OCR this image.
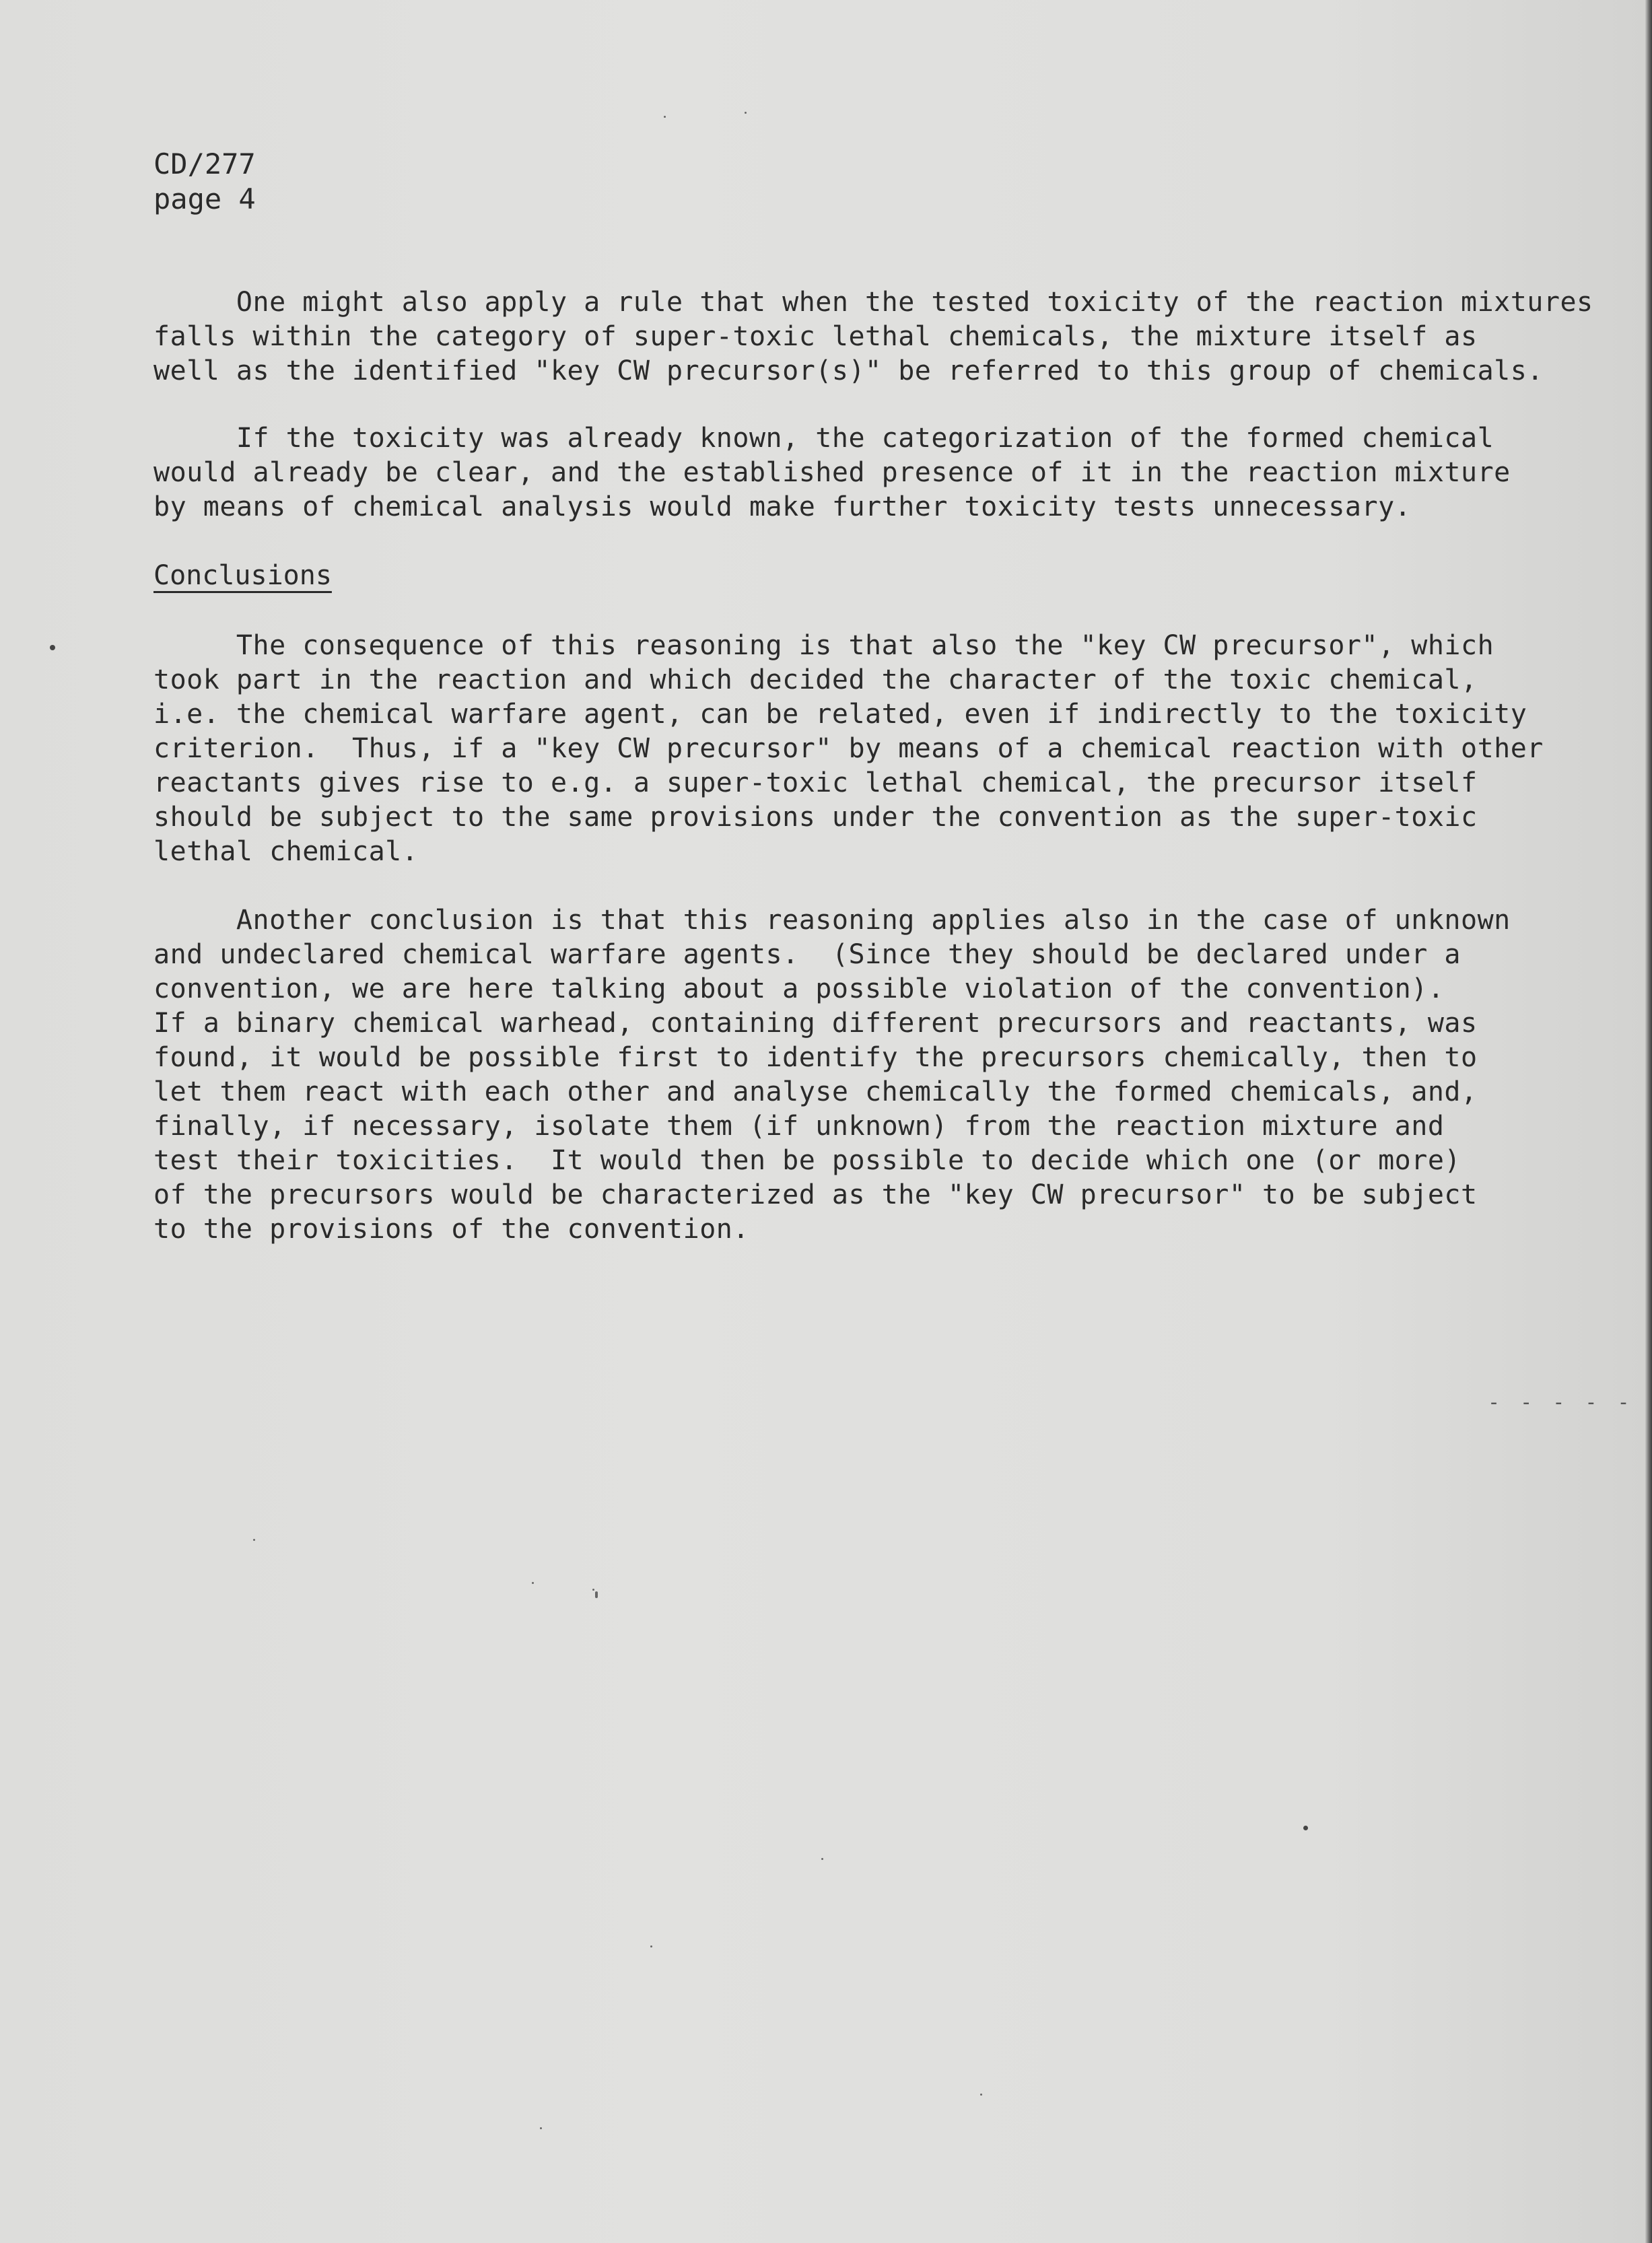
CD/277
page 4
One might also apply a rule that when the tested toxicity of the reaction mixtures
falls within the category of super-toxic lethal chemicals, the mixture itself as
well as the identified "key CW precursor(s)" be referred to this group of chemicals.
If the toxicity was already known, the categorization of the formed chemical
would already be clear, and the established presence of it in the reaction mixture
by means of chemical analysis would make further toxicity tests unnecessary.
Conclusions
The consequence of this reasoning is that also the "key CW precursor", which
took part in the reaction and which decided the character of the toxic chemical,
i.e. the chemical warfare agent, can be related, even if indirectly to the toxicity
criterion.  Thus, if a "key CW precursor" by means of a chemical reaction with other
reactants gives rise to e.g. a super-toxic lethal chemical, the precursor itself
should be subject to the same provisions under the convention as the super-toxic
lethal chemical.
Another conclusion is that this reasoning applies also in the case of unknown
and undeclared chemical warfare agents.  (Since they should be declared under a
convention, we are here talking about a possible violation of the convention).
If a binary chemical warhead, containing different precursors and reactants, was
found, it would be possible first to identify the precursors chemically, then to
let them react with each other and analyse chemically the formed chemicals, and,
finally, if necessary, isolate them (if unknown) from the reaction mixture and
test their toxicities.  It would then be possible to decide which one (or more)
of the precursors would be characterized as the "key CW precursor" to be subject
to the provisions of the convention.
- - - - -
